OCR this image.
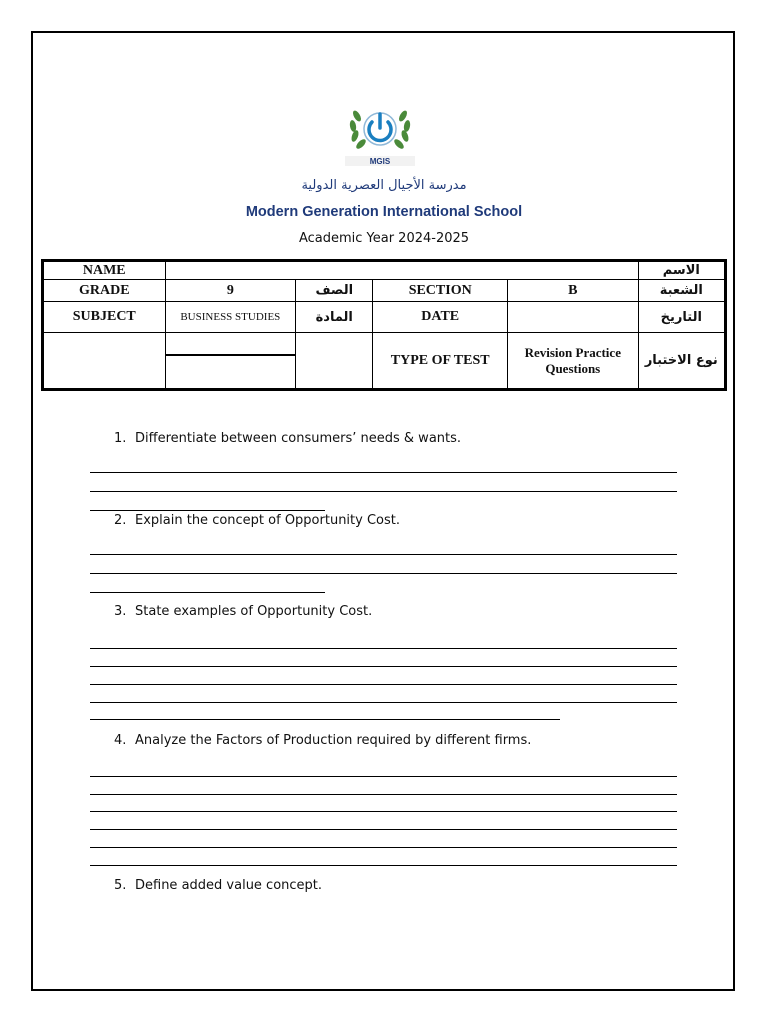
MGIS
مدرسة الأجيال العصرية الدولية
Modern Generation International School
Academic Year 2024-2025
NAME					الاسم
GRADE	9	الصف	SECTION	B	الشعبة
SUBJECT	BUSINESS STUDIES	المادة	DATE		التاريخ

		TYPE OF TEST	Revision Practice Questions	نوع الاختبار
1. Differentiate between consumers’ needs & wants.
2. Explain the concept of Opportunity Cost.
3. State examples of Opportunity Cost.
4. Analyze the Factors of Production required by different firms.
5. Define added value concept.
